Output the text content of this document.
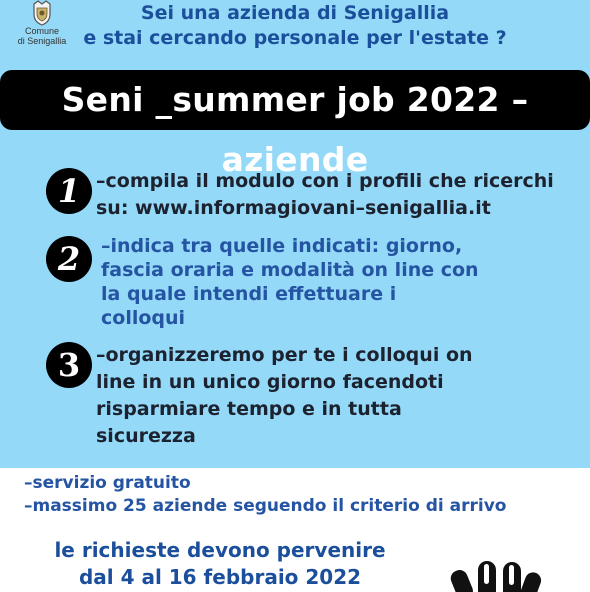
Comune
di Senigallia
Sei una azienda di Senigallia
e stai cercando personale per l'estate ?
Seni _summer job 2022 – aziende
1 –compila il modulo con i profili che ricerchi
su: www.informagiovani–senigallia.it
2	–indica tra quelle indicati: giorno,
fascia oraria e modalità on line con
la quale intendi effettuare i
colloqui
3 –organizzeremo per te i colloqui on
line in un unico giorno facendoti
risparmiare tempo e in tutta
sicurezza
–servizio gratuito
–massimo 25 aziende seguendo il criterio di arrivo
le richieste devono pervenire
dal 4 al 16 febbraio 2022
